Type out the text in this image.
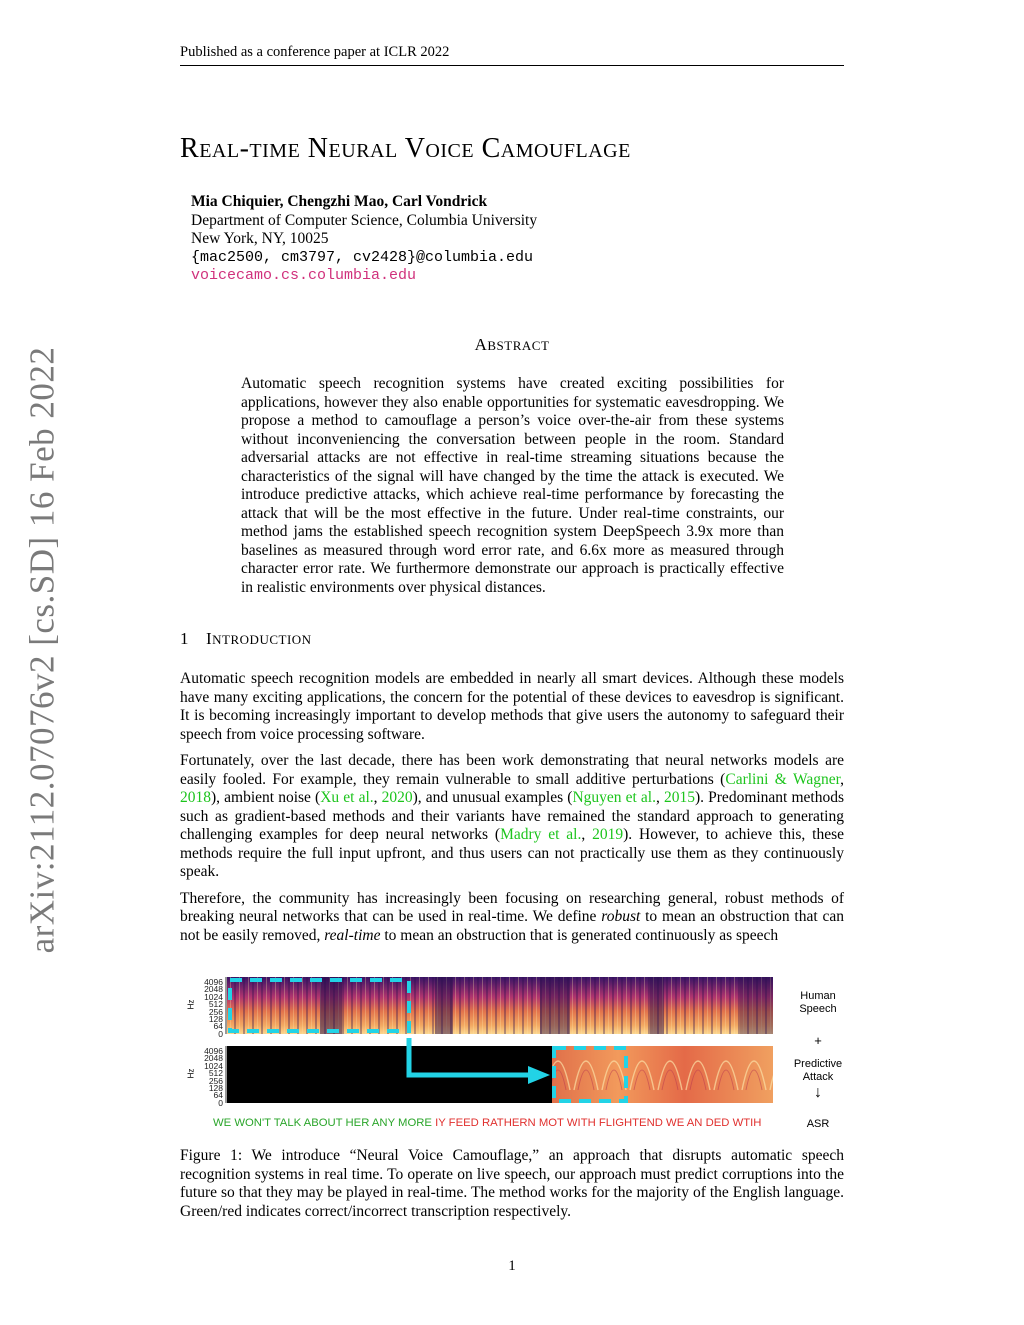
Published as a conference paper at ICLR 2022
arXiv:2112.07076v2 [cs.SD] 16 Feb 2022
REAL-TIME NEURAL VOICE CAMOUFLAGE
Mia Chiquier, Chengzhi Mao, Carl Vondrick
Department of Computer Science, Columbia University
New York, NY, 10025
{mac2500, cm3797, cv2428}@columbia.edu
voicecamo.cs.columbia.edu
ABSTRACT
Automatic speech recognition systems have created exciting possibilities for applications, however they also enable opportunities for systematic eavesdropping. We propose a method to camouflage a person’s voice over-the-air from these systems without inconveniencing the conversation between people in the room. Standard adversarial attacks are not effective in real-time streaming situations because the characteristics of the signal will have changed by the time the attack is executed. We introduce predictive attacks, which achieve real-time performance by forecasting the attack that will be the most effective in the future. Under real-time constraints, our method jams the established speech recognition system DeepSpeech 3.9x more than baselines as measured through word error rate, and 6.6x more as measured through character error rate. We furthermore demonstrate our approach is practically effective in realistic environments over physical distances.
1 INTRODUCTION

Automatic speech recognition models are embedded in nearly all smart devices. Although these models have many exciting applications, the concern for the potential of these devices to eavesdrop is significant. It is becoming increasingly important to develop methods that give users the autonomy to safeguard their speech from voice processing software.

Fortunately, over the last decade, there has been work demonstrating that neural networks models are easily fooled. For example, they remain vulnerable to small additive perturbations (Carlini & Wagner, 2018), ambient noise (Xu et al., 2020), and unusual examples (Nguyen et al., 2015). Predominant methods such as gradient-based methods and their variants have remained the standard approach to generating challenging examples for deep neural networks (Madry et al., 2019). However, to achieve this, these methods require the full input upfront, and thus users can not practically use them as they continuously speak.

Therefore, the community has increasingly been focusing on researching general, robust methods of breaking neural networks that can be used in real-time. We define robust to mean an obstruction that can not be easily removed, real-time to mean an obstruction that is generated continuously as speech

4096
2048
1024
512
256
128
64
0
4096
2048
1024
512
256
128
64
0
Hz
Hz
Human Speech
+
Predictive Attack
↓
ASR
WE WON'T TALK ABOUT HER ANY MORE IY FEED RATHERN MOT WITH FLIGHTEND WE AN DED WTIH
Figure 1: We introduce “Neural Voice Camouflage,” an approach that disrupts automatic speech recognition systems in real time. To operate on live speech, our approach must predict corruptions into the future so that they may be played in real-time. The method works for the majority of the English language. Green/red indicates correct/incorrect transcription respectively.
1
